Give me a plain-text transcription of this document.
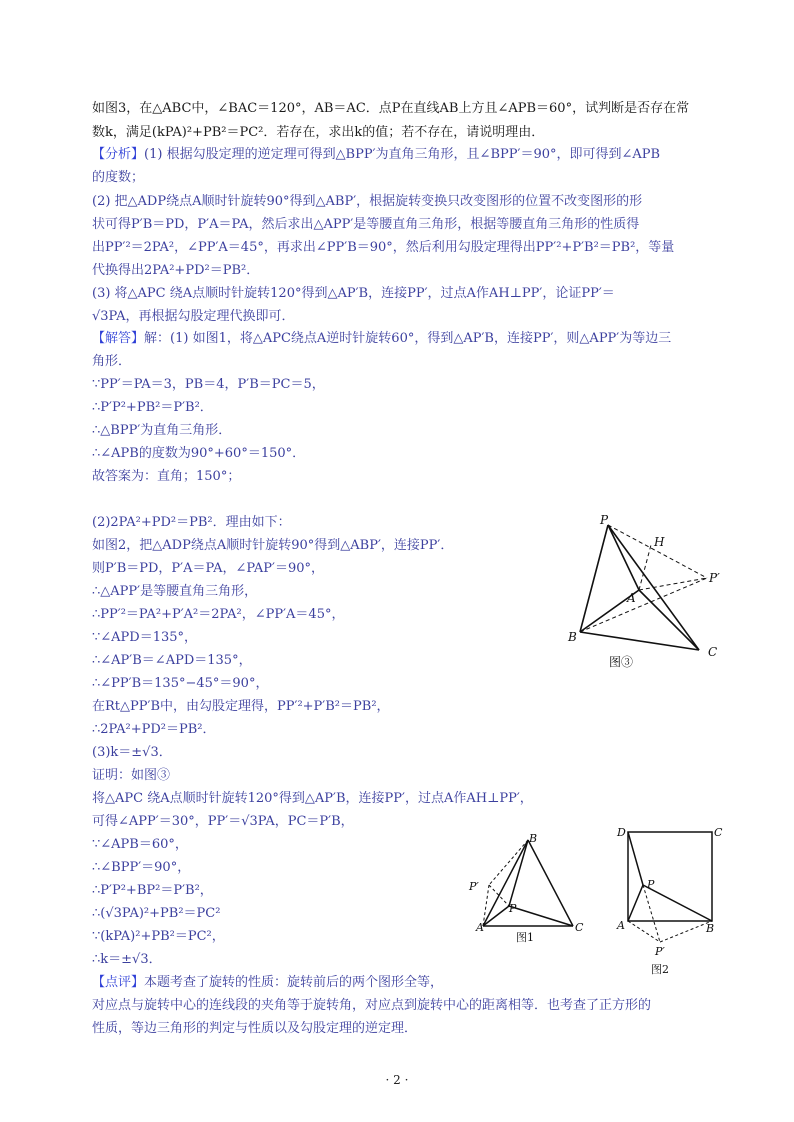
如图3，在△ABC中，∠BAC＝120°，AB＝AC．点P在直线AB上方且∠APB＝60°，试判断是否存在常
数k，满足(kPA)²+PB²＝PC²．若存在，求出k的值；若不存在，请说明理由．
【分析】(1) 根据勾股定理的逆定理可得到△BPP′为直角三角形，且∠BPP′＝90°，即可得到∠APB
的度数；
(2) 把△ADP绕点A顺时针旋转90°得到△ABP′，根据旋转变换只改变图形的位置不改变图形的形
状可得P′B＝PD，P′A＝PA，然后求出△APP′是等腰直角三角形，根据等腰直角三角形的性质得
出PP′²＝2PA²，∠PP′A＝45°，再求出∠PP′B＝90°，然后利用勾股定理得出PP′²+P′B²＝PB²，等量
代换得出2PA²+PD²＝PB²．
(3) 将△APC 绕A点顺时针旋转120°得到△AP′B，连接PP′，过点A作AH⊥PP′，论证PP′＝
√3PA，再根据勾股定理代换即可．
【解答】解：(1) 如图1，将△APC绕点A逆时针旋转60°，得到△AP′B，连接PP′，则△APP′为等边三
角形．
∵PP′＝PA＝3，PB＝4，P′B＝PC＝5，
∴P′P²+PB²＝P′B²．
∴△BPP′为直角三角形．
∴∠APB的度数为90°+60°＝150°．
故答案为：直角；150°；
(2)2PA²+PD²＝PB²．理由如下：
如图2，把△ADP绕点A顺时针旋转90°得到△ABP′，连接PP′．
则P′B＝PD，P′A＝PA，∠PAP′＝90°，
∴△APP′是等腰直角三角形，
∴PP′²＝PA²+P′A²＝2PA²，∠PP′A＝45°，
∵∠APD＝135°，
∴∠AP′B＝∠APD＝135°，
∴∠PP′B＝135°−45°＝90°，
在Rt△PP′B中，由勾股定理得，PP′²+P′B²＝PB²，
∴2PA²+PD²＝PB²．
(3)k＝±√3．
证明：如图③
将△APC 绕A点顺时针旋转120°得到△AP′B，连接PP′，过点A作AH⊥PP′，
可得∠APP′＝30°，PP′＝√3PA，PC＝P′B，
∵∠APB＝60°，
∴∠BPP′＝90°，
∴P′P²+BP²＝P′B²，
∴(√3PA)²+PB²＝PC²
∵(kPA)²+PB²＝PC²，
∴k＝±√3．
【点评】本题考查了旋转的性质：旋转前后的两个图形全等，
对应点与旋转中心的连线段的夹角等于旋转角，对应点到旋转中心的距离相等．也考查了正方形的
性质，等边三角形的判定与性质以及勾股定理的逆定理．
P
H
P′
A
B
C
图③
B
P′
P
A	C
图1
D	C
P
A	B
P′
图2
· 2 ·
